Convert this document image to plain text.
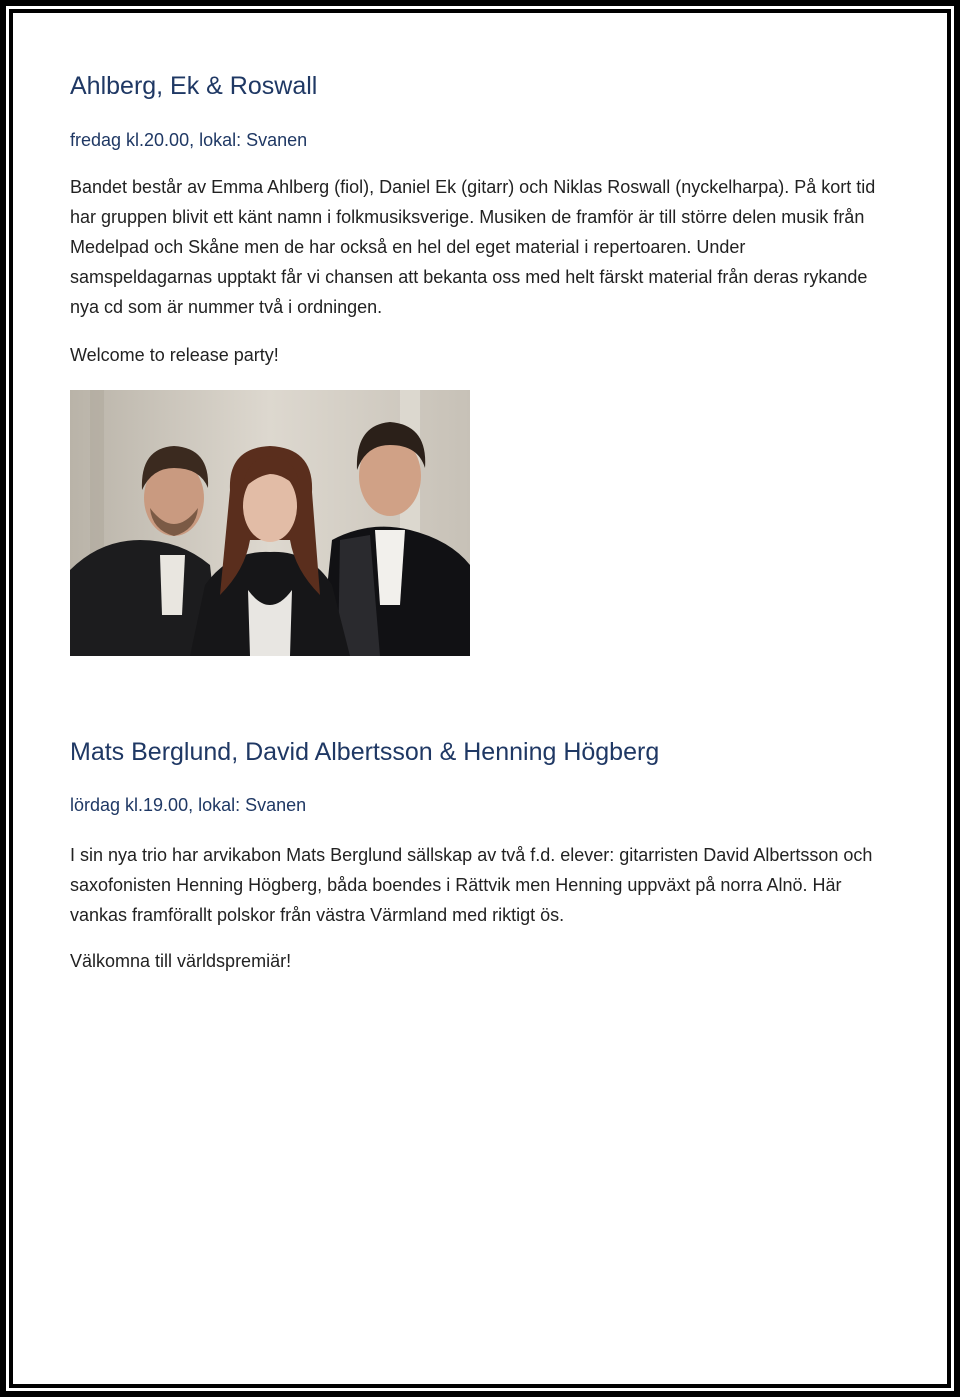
Ahlberg, Ek & Roswall

fredag kl.20.00, lokal: Svanen

Bandet består av Emma Ahlberg (fiol), Daniel Ek (gitarr) och Niklas Roswall (nyckelharpa). På kort tid har gruppen blivit ett känt namn i folkmusiksverige. Musiken de framför är till större delen musik från Medelpad och Skåne men de har också en hel del eget material i repertoaren. Under samspeldagarnas upptakt får vi chansen att bekanta oss med helt färskt material från deras rykande nya cd som är nummer två i ordningen.

Welcome to release party!

Mats Berglund, David Albertsson & Henning Högberg

lördag kl.19.00, lokal: Svanen

I sin nya trio har arvikabon Mats Berglund sällskap av två f.d. elever: gitarristen David Albertsson och saxofonisten Henning Högberg, båda boendes i Rättvik men Henning uppväxt på norra Alnö. Här vankas framförallt polskor från västra Värmland med riktigt ös.

Välkomna till världspremiär!
